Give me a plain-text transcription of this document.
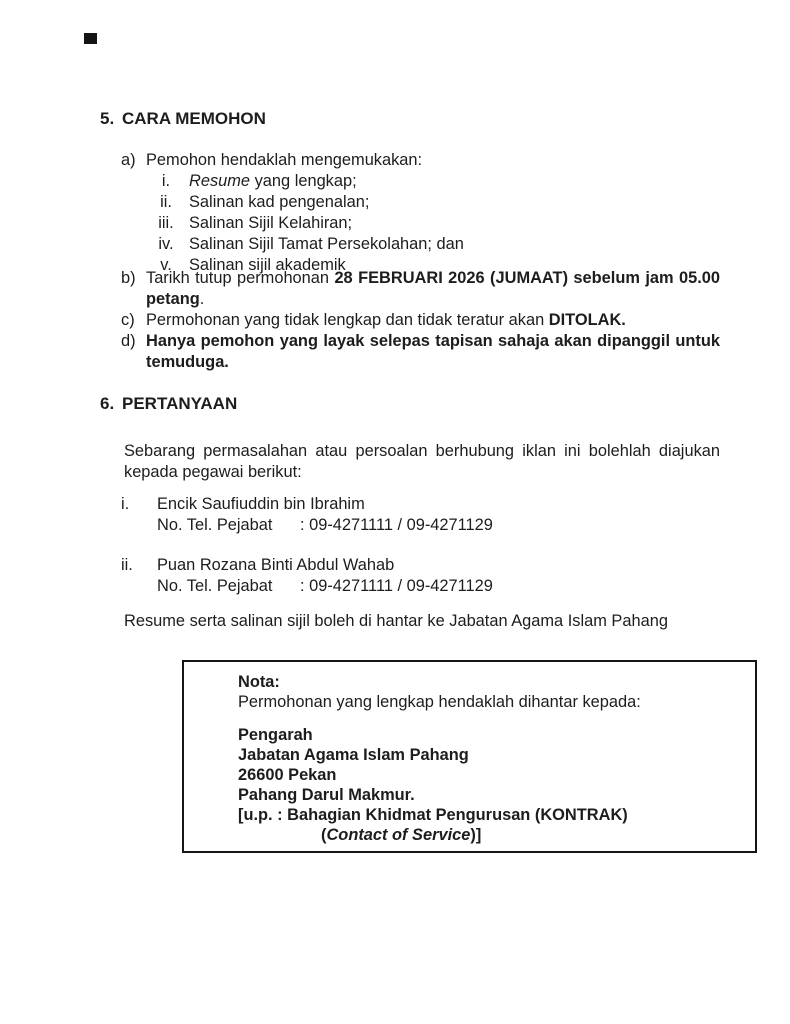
5. CARA MEMOHON
a) Pemohon hendaklah mengemukakan:
i.	Resume yang lengkap;
ii.	Salinan kad pengenalan;
iii. Salinan Sijil Kelahiran;
iv. Salinan Sijil Tamat Persekolahan; dan
v.	Salinan sijil akademik
b) Tarikh tutup permohonan 28 FEBRUARI 2026 (JUMAAT) sebelum jam 05.00
petang.
c) Permohonan yang tidak lengkap dan tidak teratur akan DITOLAK.
d) Hanya pemohon yang layak selepas tapisan sahaja akan dipanggil untuk
temuduga.
6. PERTANYAAN
Sebarang permasalahan atau persoalan berhubung iklan ini bolehlah diajukan
kepada pegawai berikut:
i.	Encik Saufiuddin bin Ibrahim
No. Tel. Pejabat : 09-4271111 / 09-4271129
ii.	Puan Rozana Binti Abdul Wahab
No. Tel. Pejabat : 09-4271111 / 09-4271129
Resume serta salinan sijil boleh di hantar ke Jabatan Agama Islam Pahang
Nota:
Permohonan yang lengkap hendaklah dihantar kepada:
Pengarah
Jabatan Agama Islam Pahang
26600 Pekan
Pahang Darul Makmur.
[u.p. : Bahagian Khidmat Pengurusan (KONTRAK)
(Contact of Service)]
